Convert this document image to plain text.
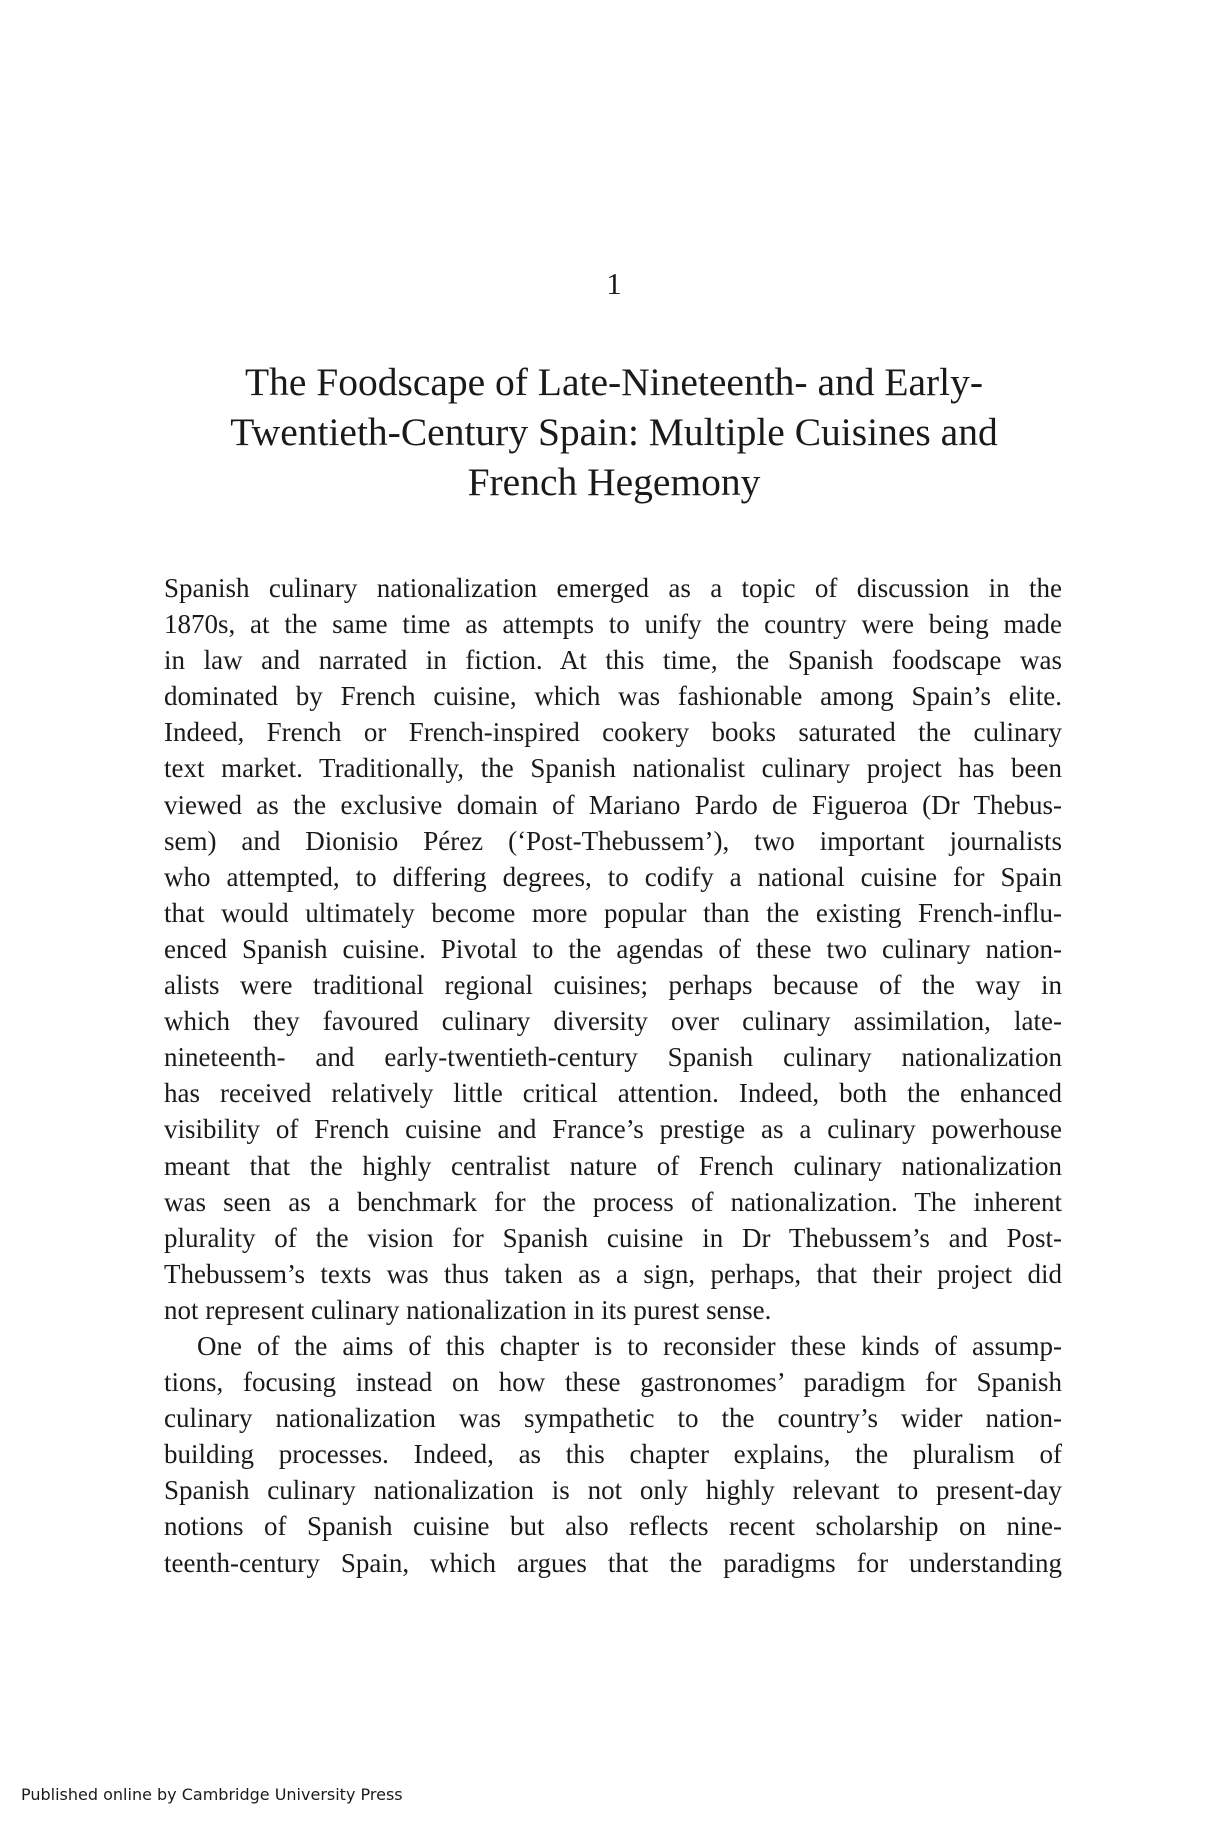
1
The Foodscape of Late-Nineteenth- and Early-
Twentieth-Century Spain: Multiple Cuisines and
French Hegemony

Spanish culinary nationalization emerged as a topic of discussion in the
1870s, at the same time as attempts to unify the country were being made
in law and narrated in fiction. At this time, the Spanish foodscape was
dominated by French cuisine, which was fashionable among Spain’s elite.
Indeed, French or French-inspired cookery books saturated the culinary
text market. Traditionally, the Spanish nationalist culinary project has been
viewed as the exclusive domain of Mariano Pardo de Figueroa (Dr Thebus-
sem) and Dionisio Pérez (‘Post-Thebussem’), two important journalists
who attempted, to differing degrees, to codify a national cuisine for Spain
that would ultimately become more popular than the existing French-influ-
enced Spanish cuisine. Pivotal to the agendas of these two culinary nation-
alists were traditional regional cuisines; perhaps because of the way in
which they favoured culinary diversity over culinary assimilation, late-
nineteenth- and early-twentieth-century Spanish culinary nationalization
has received relatively little critical attention. Indeed, both the enhanced
visibility of French cuisine and France’s prestige as a culinary powerhouse
meant that the highly centralist nature of French culinary nationalization
was seen as a benchmark for the process of nationalization. The inherent
plurality of the vision for Spanish cuisine in Dr Thebussem’s and Post-
Thebussem’s texts was thus taken as a sign, perhaps, that their project did
not represent culinary nationalization in its purest sense.

One of the aims of this chapter is to reconsider these kinds of assump-
tions, focusing instead on how these gastronomes’ paradigm for Spanish
culinary nationalization was sympathetic to the country’s wider nation-
building processes. Indeed, as this chapter explains, the pluralism of
Spanish culinary nationalization is not only highly relevant to present-day
notions of Spanish cuisine but also reflects recent scholarship on nine-
teenth-century Spain, which argues that the paradigms for understanding

Published online by Cambridge University Press
